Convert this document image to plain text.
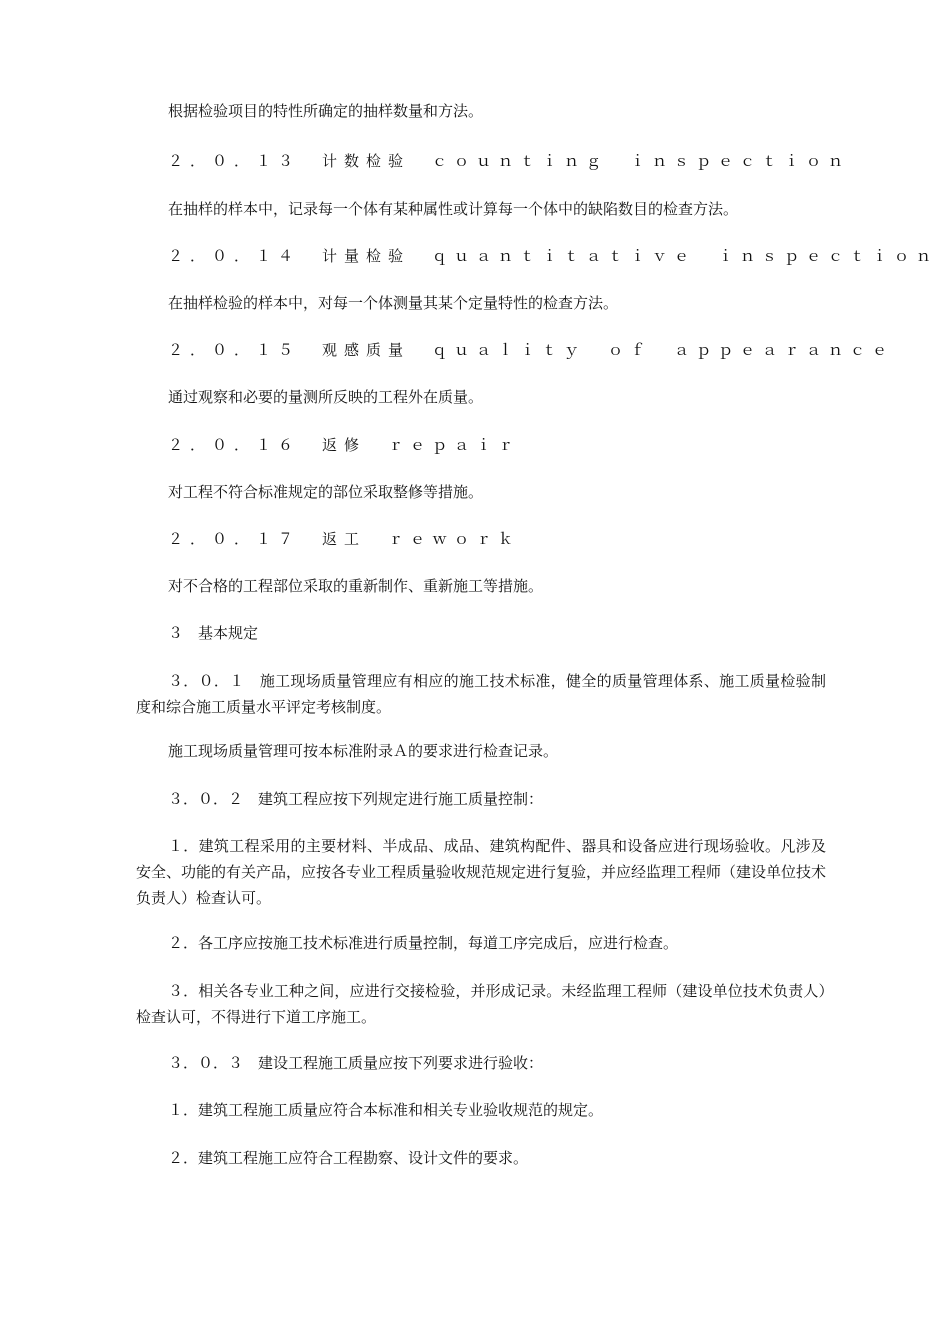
根据检验项目的特性所确定的抽样数量和方法。
２．０．１３　计数检验　ｃｏｕｎｔｉｎｇ　ｉｎｓｐｅｃｔｉｏｎ
在抽样的样本中，记录每一个体有某种属性或计算每一个体中的缺陷数目的检查方法。
２．０．１４　计量检验　ｑｕａｎｔｉｔａｔｉｖｅ　ｉｎｓｐｅｃｔｉｏｎ
在抽样检验的样本中，对每一个体测量其某个定量特性的检查方法。
２．０．１５　观感质量　ｑｕａｌｉｔｙ　ｏｆ　ａｐｐｅａｒａｎｃｅ
通过观察和必要的量测所反映的工程外在质量。
２．０．１６　返修　ｒｅｐａｉｒ
对工程不符合标准规定的部位采取整修等措施。
２．０．１７　返工　ｒｅｗｏｒｋ
对不合格的工程部位采取的重新制作、重新施工等措施。
３　基本规定
３．０．１　施工现场质量管理应有相应的施工技术标准，健全的质量管理体系、施工质量检验制度和综合施工质量水平评定考核制度。
施工现场质量管理可按本标准附录Ａ的要求进行检查记录。
３．０．２　建筑工程应按下列规定进行施工质量控制：
１．建筑工程采用的主要材料、半成品、成品、建筑构配件、器具和设备应进行现场验收。凡涉及安全、功能的有关产品，应按各专业工程质量验收规范规定进行复验，并应经监理工程师（建设单位技术负责人）检查认可。
２．各工序应按施工技术标准进行质量控制，每道工序完成后，应进行检查。
３．相关各专业工种之间，应进行交接检验，并形成记录。未经监理工程师（建设单位技术负责人）检查认可，不得进行下道工序施工。
３．０．３　建设工程施工质量应按下列要求进行验收：
１．建筑工程施工质量应符合本标准和相关专业验收规范的规定。
２．建筑工程施工应符合工程勘察、设计文件的要求。
